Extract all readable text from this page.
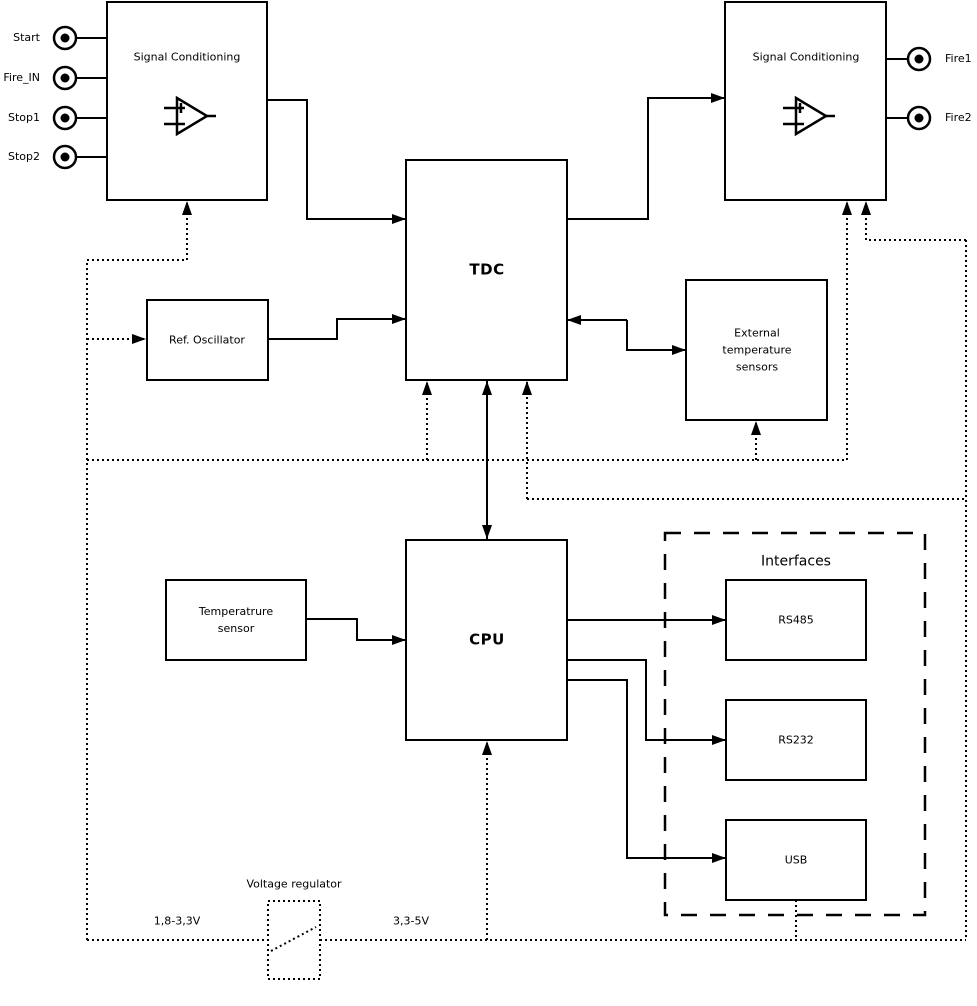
Start
Fire_IN
Stop1
Stop2
Fire1
Fire2
Signal Conditioning	Signal Conditioning
TDC
Ref. Oscillator
External temperature sensors
CPU
Temperatrure sensor
Interfaces
RS485
RS232
USB
Voltage regulator
1,8-3,3V	3,3-5V
